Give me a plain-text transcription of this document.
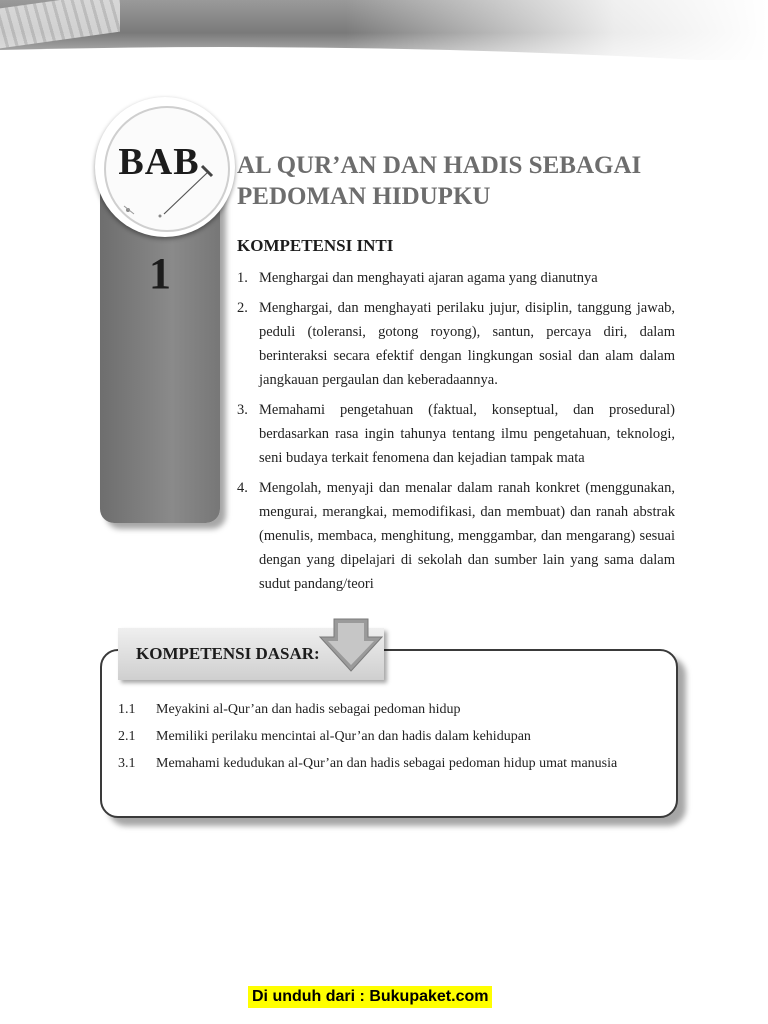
1
BAB	AL QUR’AN DAN HADIS SEBAGAI
PEDOMAN HIDUPKU
KOMPETENSI INTI
1. Menghargai dan menghayati ajaran agama yang dianutnya
2. Menghargai, dan menghayati perilaku jujur, disiplin, tanggung jawab, peduli (toleransi, gotong royong), santun, percaya diri, dalam berinteraksi secara efektif dengan lingkungan sosial dan alam dalam jangkauan pergaulan dan keberadaannya.
3. Memahami pengetahuan (faktual, konseptual, dan prosedural) berdasarkan rasa ingin tahunya tentang ilmu pengetahuan, teknologi, seni budaya terkait fenomena dan kejadian tampak mata
4. Mengolah, menyaji dan menalar dalam ranah konkret (menggunakan, mengurai, merangkai, memodifikasi, dan membuat) dan ranah abstrak (menulis, membaca, menghitung, menggambar, dan mengarang) sesuai dengan yang dipelajari di sekolah dan sumber lain yang sama dalam sudut pandang/teori
KOMPETENSI DASAR:
1.1 Meyakini al-Qur’an dan hadis sebagai pedoman hidup
2.1 Memiliki perilaku mencintai al-Qur’an dan hadis dalam kehidupan
3.1 Memahami kedudukan al-Qur’an dan hadis sebagai pedoman hidup umat manusia
Di unduh dari : Bukupaket.com
